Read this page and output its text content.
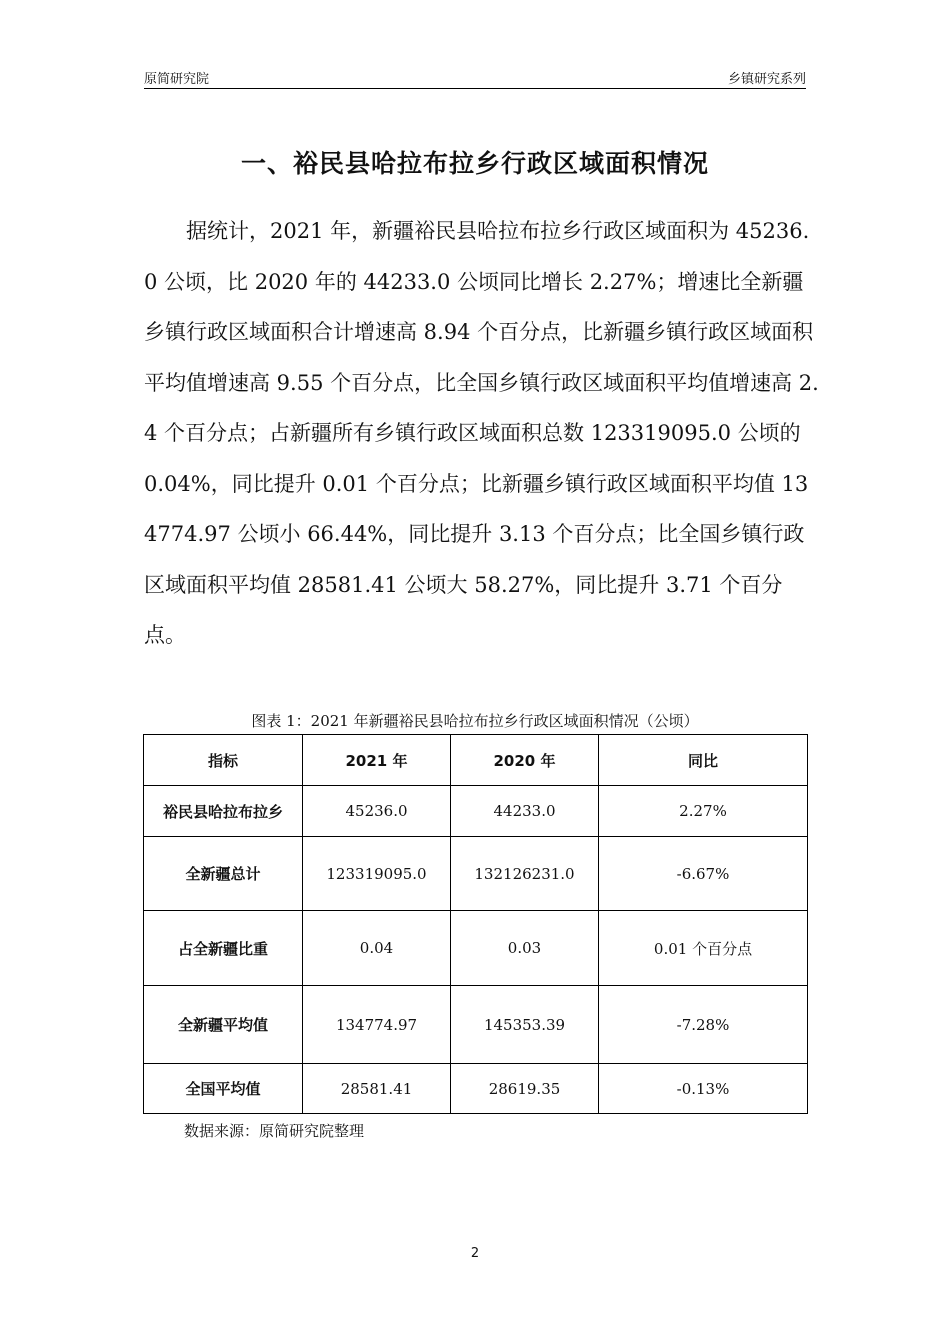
原简研究院	乡镇研究系列
一、裕民县哈拉布拉乡行政区域面积情况

据统计，2021 年，新疆裕民县哈拉布拉乡行政区域面积为 45236.0 公顷，比 2020 年的 44233.0 公顷同比增长 2.27%；增速比全新疆乡镇行政区域面积合计增速高 8.94 个百分点，比新疆乡镇行政区域面积平均值增速高 9.55 个百分点，比全国乡镇行政区域面积平均值增速高 2.4 个百分点；占新疆所有乡镇行政区域面积总数 123319095.0 公顷的 0.04%，同比提升 0.01 个百分点；比新疆乡镇行政区域面积平均值 134774.97 公顷小 66.44%，同比提升 3.13 个百分点；比全国乡镇行政区域面积平均值 28581.41 公顷大 58.27%，同比提升 3.71 个百分点。

图表 1：2021 年新疆裕民县哈拉布拉乡行政区域面积情况（公顷）
指标	2021 年	2020 年	同比
裕民县哈拉布拉乡	45236.0	44233.0	2.27%
全新疆总计	123319095.0	132126231.0	-6.67%
占全新疆比重	0.04	0.03	0.01 个百分点
全新疆平均值	134774.97	145353.39	-7.28%
全国平均值	28581.41	28619.35	-0.13%
数据来源：原简研究院整理
2
